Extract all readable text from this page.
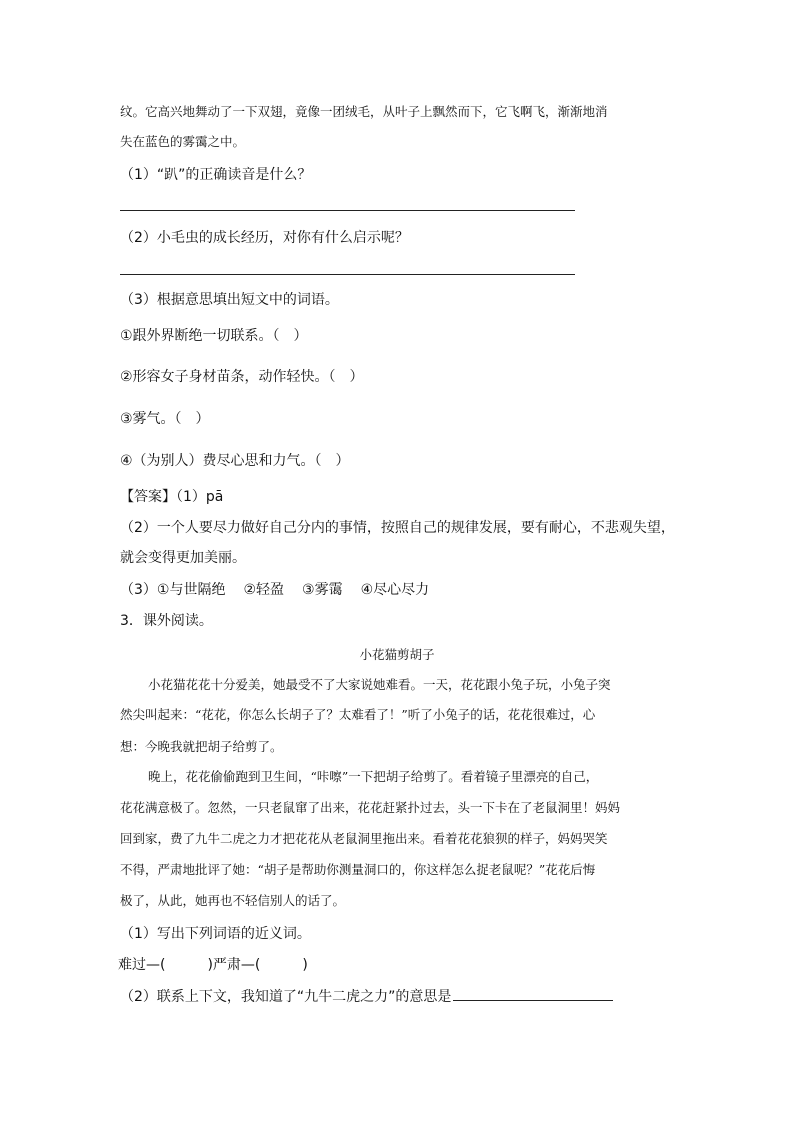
纹。它高兴地舞动了一下双翅，竟像一团绒毛，从叶子上飘然而下，它飞啊飞，渐渐地消
失在蓝色的雾霭之中。
（1）“趴”的正确读音是什么？
（2）小毛虫的成长经历，对你有什么启示呢？
（3）根据意思填出短文中的词语。
①跟外界断绝一切联系。（　）
②形容女子身材苗条，动作轻快。（　）
③雾气。（　）
④（为别人）费尽心思和力气。（　）
【答案】（1）pā
（2）一个人要尽力做好自己分内的事情，按照自己的规律发展，要有耐心，不悲观失望，
就会变得更加美丽。
（3）①与世隔绝 ②轻盈 ③雾霭 ④尽心尽力
3．课外阅读。
小花猫剪胡子
小花猫花花十分爱美，她最受不了大家说她难看。一天，花花跟小兔子玩，小兔子突
然尖叫起来：“花花，你怎么长胡子了？太难看了！”听了小兔子的话，花花很难过，心
想：今晚我就把胡子给剪了。
晚上，花花偷偷跑到卫生间，“咔嚓”一下把胡子给剪了。看着镜子里漂亮的自己，
花花满意极了。忽然，一只老鼠窜了出来，花花赶紧扑过去，头一下卡在了老鼠洞里！妈妈
回到家，费了九牛二虎之力才把花花从老鼠洞里拖出来。看着花花狼狈的样子，妈妈哭笑
不得，严肃地批评了她：“胡子是帮助你测量洞口的，你这样怎么捉老鼠呢？”花花后悔
极了，从此，她再也不轻信别人的话了。
（1）写出下列词语的近义词。
难过—(　　　)严肃—(　　　)
（2）联系上下文，我知道了“九牛二虎之力”的意思是
